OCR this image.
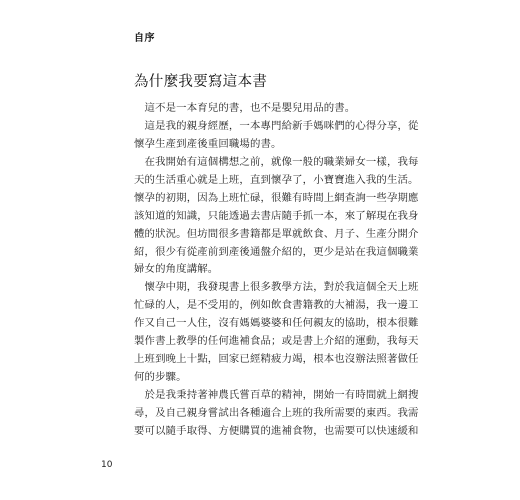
自序
為什麼我要寫這本書
　這不是一本育兒的書，也不是嬰兒用品的書。
　這是我的親身經歷，一本專門給新手媽咪們的心得分享，從
懷孕生產到產後重回職場的書。
　在我開始有這個構想之前，就像一般的職業婦女一樣，我每
天的生活重心就是上班，直到懷孕了，小寶寶進入我的生活。
懷孕的初期，因為上班忙碌，很難有時間上網查詢一些孕期應
該知道的知識，只能透過去書店隨手抓一本，來了解現在我身
體的狀況。但坊間很多書籍都是單就飲食、月子、生產分開介
紹，很少有從產前到產後通盤介紹的，更少是站在我這個職業
婦女的角度講解。
　懷孕中期，我發現書上很多教學方法，對於我這個全天上班
忙碌的人，是不受用的，例如飲食書籍教的大補湯，我一邊工
作又自己一人住，沒有媽媽婆婆和任何親友的協助，根本很難
製作書上教學的任何進補食品；或是書上介紹的運動，我每天
上班到晚上十點，回家已經精疲力竭，根本也沒辦法照著做任
何的步驟。
　於是我秉持著神農氏嘗百草的精神，開始一有時間就上網搜
尋，及自己親身嘗試出各種適合上班的我所需要的東西。我需
要可以隨手取得、方便購買的進補食物，也需要可以快速緩和
10
